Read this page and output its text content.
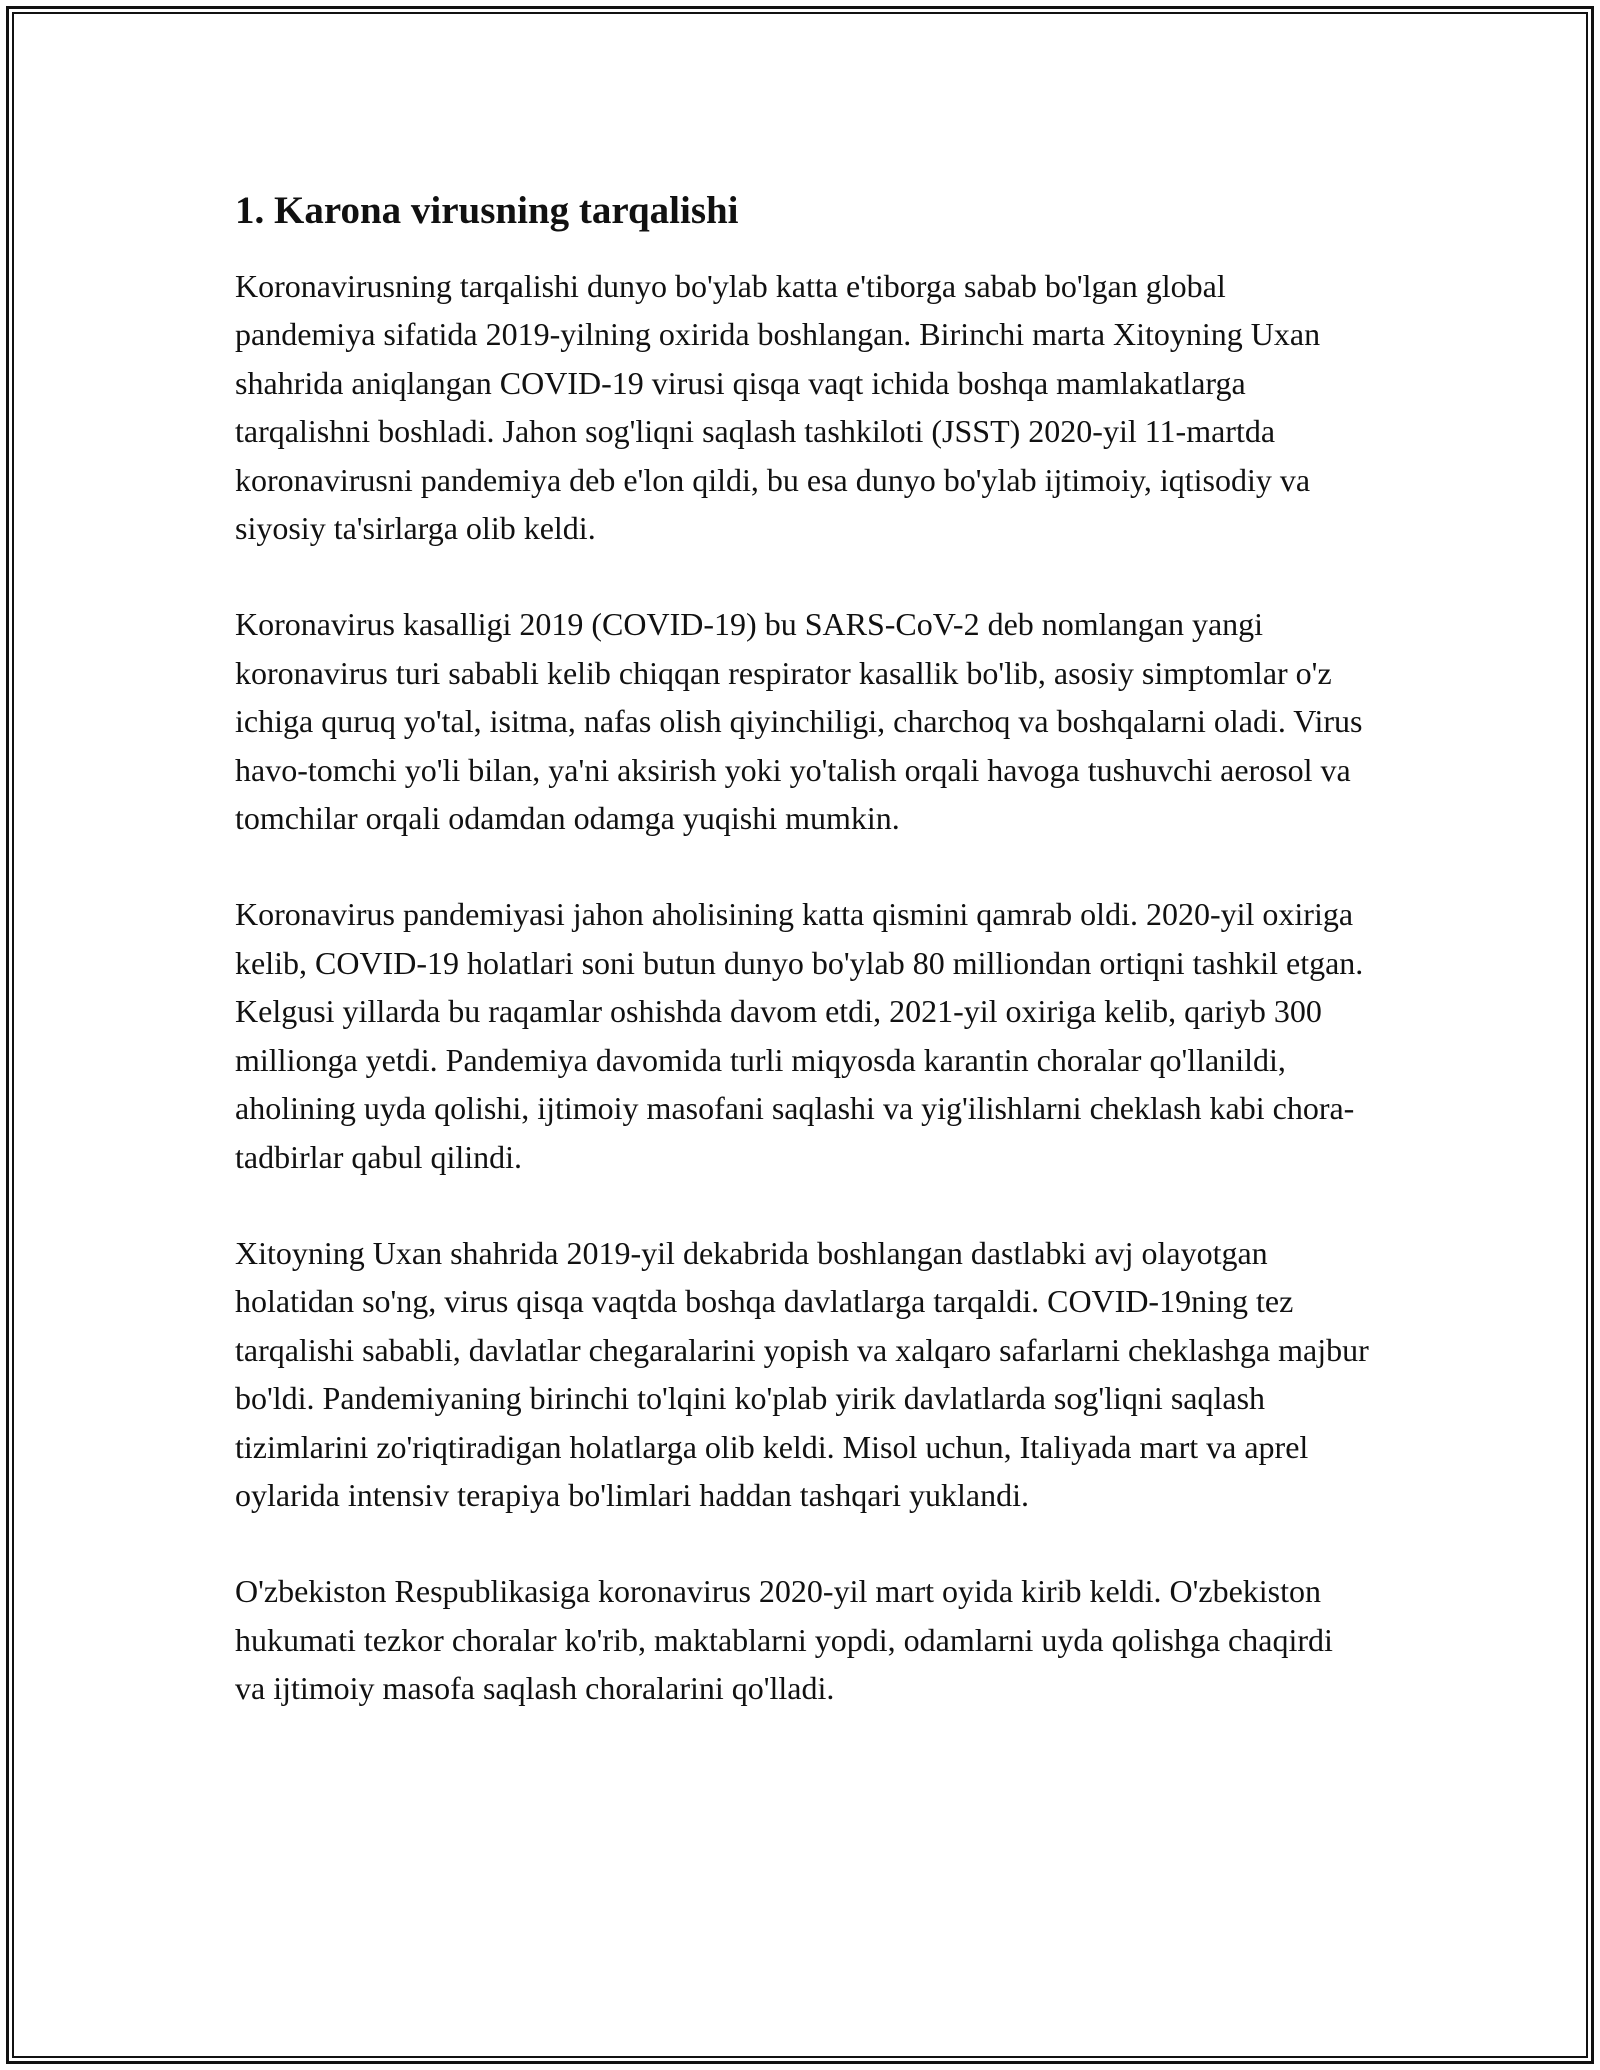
1. Karona virusning tarqalishi

Koronavirusning tarqalishi dunyo bo'ylab katta e'tiborga sabab bo'lgan global pandemiya sifatida 2019-yilning oxirida boshlangan. Birinchi marta Xitoyning Uxan shahrida aniqlangan COVID-19 virusi qisqa vaqt ichida boshqa mamlakatlarga tarqalishni boshladi. Jahon sog'liqni saqlash tashkiloti (JSST) 2020-yil 11-martda koronavirusni pandemiya deb e'lon qildi, bu esa dunyo bo'ylab ijtimoiy, iqtisodiy va siyosiy ta'sirlarga olib keldi.

Koronavirus kasalligi 2019 (COVID-19) bu SARS-CoV-2 deb nomlangan yangi koronavirus turi sababli kelib chiqqan respirator kasallik bo'lib, asosiy simptomlar o'z ichiga quruq yo'tal, isitma, nafas olish qiyinchiligi, charchoq va boshqalarni oladi. Virus havo-tomchi yo'li bilan, ya'ni aksirish yoki yo'talish orqali havoga tushuvchi aerosol va tomchilar orqali odamdan odamga yuqishi mumkin.

Koronavirus pandemiyasi jahon aholisining katta qismini qamrab oldi. 2020-yil oxiriga kelib, COVID-19 holatlari soni butun dunyo bo'ylab 80 milliondan ortiqni tashkil etgan. Kelgusi yillarda bu raqamlar oshishda davom etdi, 2021-yil oxiriga kelib, qariyb 300 millionga yetdi. Pandemiya davomida turli miqyosda karantin choralar qo'llanildi, aholining uyda qolishi, ijtimoiy masofani saqlashi va yig'ilishlarni cheklash kabi chora-tadbirlar qabul qilindi.

Xitoyning Uxan shahrida 2019-yil dekabrida boshlangan dastlabki avj olayotgan holatidan so'ng, virus qisqa vaqtda boshqa davlatlarga tarqaldi. COVID-19ning tez tarqalishi sababli, davlatlar chegaralarini yopish va xalqaro safarlarni cheklashga majbur bo'ldi. Pandemiyaning birinchi to'lqini ko'plab yirik davlatlarda sog'liqni saqlash tizimlarini zo'riqtiradigan holatlarga olib keldi. Misol uchun, Italiyada mart va aprel oylarida intensiv terapiya bo'limlari haddan tashqari yuklandi.

O'zbekiston Respublikasiga koronavirus 2020-yil mart oyida kirib keldi. O'zbekiston hukumati tezkor choralar ko'rib, maktablarni yopdi, odamlarni uyda qolishga chaqirdi va ijtimoiy masofa saqlash choralarini qo'lladi.
